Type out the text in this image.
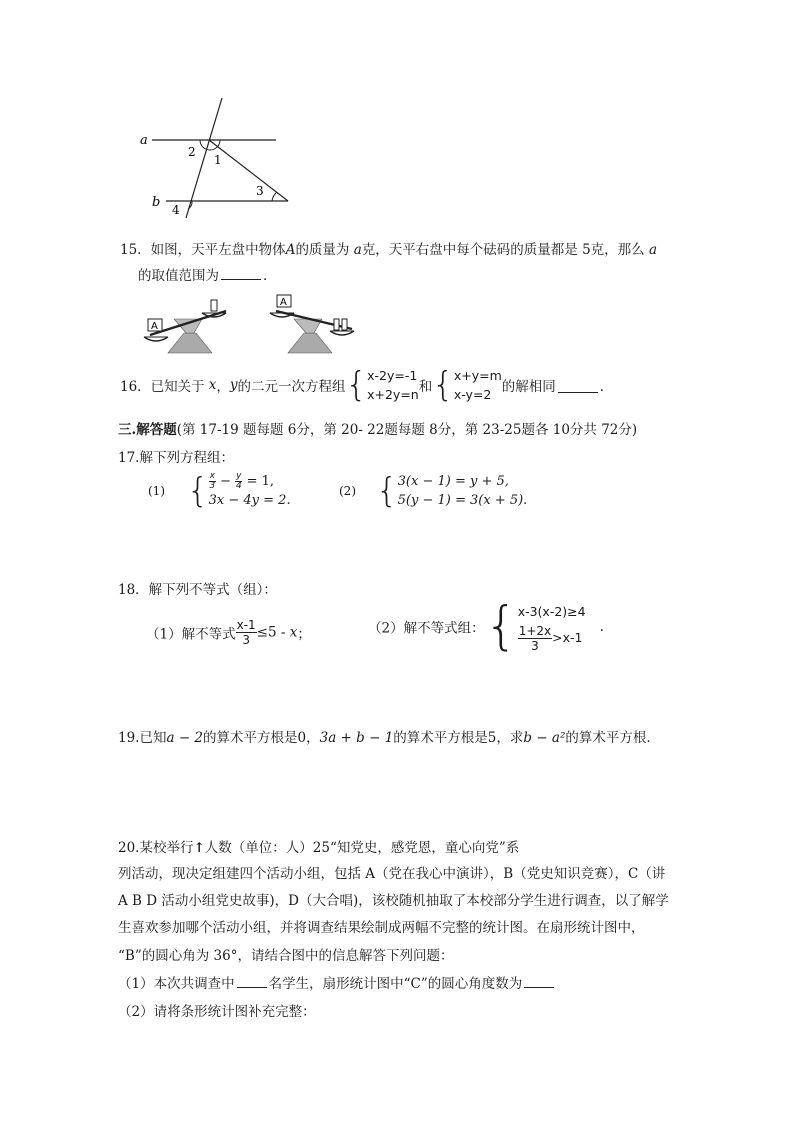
a
b
2
1
3
4
15．如图，天平左盘中物体A的质量为 a克，天平右盘中每个砝码的质量都是 5克，那么 a
的取值范围为	．
A
A
16．已知关于 x，y的二元一次方程组{x-2y=-1
x+2y=n和{x+y=m
x-y=2 的解相同	．
三.解答题(第 17-19 题每题 6分，第 20- 22题每题 8分，第 23-25题各 10分共 72分)
17.解下列方程组：
(1) { $\frac{x}{3} - \frac{y}{4} = 1$,
3x − 4y = 2.
(2) {3(x − 1) = y + 5,
5(y − 1) = 3(x + 5).
18．解下列不等式（组）：
（1）解不等式 $\frac{x-1}{3} \le 5 - x$；	（2）解不等式组：{x-3(x-2)≥4

$\frac{1+2x}{3} >x-1$.
19.已知a − 2的算术平方根是0，3a + b − 1的算术平方根是5，求b − a²的算术平方根．
20.某校举行↑人数（单位：人）25“知党史，感党恩，童心向党”系
列活动，现决定组建四个活动小组，包括 A（党在我心中演讲），B（党史知识竞赛），C（讲
A B D 活动小组党史故事)，D（大合唱)，该校随机抽取了本校部分学生进行调查，以了解学
生喜欢参加哪个活动小组，并将调查结果绘制成两幅不完整的统计图。在扇形统计图中，
“B”的圆心角为 36°，请结合图中的信息解答下列问题：
（1）本次共调查中	名学生，扇形统计图中“C”的圆心角度数为
（2）请将条形统计图补充完整：
